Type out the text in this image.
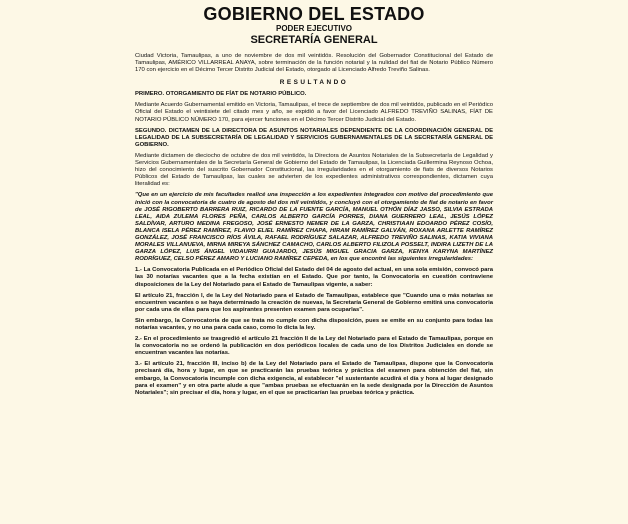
GOBIERNO DEL ESTADO
PODER EJECUTIVO
SECRETARÍA GENERAL

Ciudad Victoria, Tamaulipas, a uno de noviembre de dos mil veintidós. Resolución del Gobernador Constitucional del Estado de Tamaulipas, AMÉRICO VILLARREAL ANAYA, sobre terminación de la función notarial y la nulidad del fiat de Notario Público Número 170 con ejercicio en el Décimo Tercer Distrito Judicial del Estado, otorgado al Licenciado Alfredo Treviño Salinas.

RESULTANDO

PRIMERO. OTORGAMIENTO DE FÍAT DE NOTARIO PÚBLICO.

Mediante Acuerdo Gubernamental emitido en Victoria, Tamaulipas, el trece de septiembre de dos mil veintidós, publicado en el Periódico Oficial del Estado el veintisiete del citado mes y año, se expidió a favor del Licenciado ALFREDO TREVIÑO SALINAS, FÍAT DE NOTARIO PÚBLICO NÚMERO 170, para ejercer funciones en el Décimo Tercer Distrito Judicial del Estado.

SEGUNDO. DICTAMEN DE LA DIRECTORA DE ASUNTOS NOTARIALES DEPENDIENTE DE LA COORDINACIÓN GENERAL DE LEGALIDAD DE LA SUBSECRETARÍA DE LEGALIDAD Y SERVICIOS GUBERNAMENTALES DE LA SECRETARÍA GENERAL DE GOBIERNO.

Mediante dictamen de dieciocho de octubre de dos mil veintidós, la Directora de Asuntos Notariales de la Subsecretaría de Legalidad y Servicios Gubernamentales de la Secretaría General de Gobierno del Estado de Tamaulipas, la Licenciada Guillermina Reynoso Ochoa, hizo del conocimiento del suscrito Gobernador Constitucional, las irregularidades en el otorgamiento de fiats de diversos Notarios Públicos del Estado de Tamaulipas, las cuales se advierten de los expedientes administrativos correspondientes, dictamen cuya literalidad es:

"Que en un ejercicio de mis facultades realicé una inspección a los expedientes integrados con motivo del procedimiento que inició con la convocatoria de cuatro de agosto del dos mil veintidós, y concluyó con el otorgamiento de fiat de notario en favor de JOSÉ RIGOBERTO BARRERA RUIZ, RICARDO DE LA FUENTE GARCÍA, MANUEL OTHÓN DÍAZ JASSO, SILVIA ESTRADA LEAL, AIDA ZULEMA FLORES PEÑA, CARLOS ALBERTO GARCÍA PORRES, DIANA GUERRERO LEAL, JESÚS LÓPEZ SALDÍVAR, ARTURO MEDINA FREGOSO, JOSÉ ERNESTO NEMER DE LA GARZA, CHRISTIAAN EDOARDO PÉREZ COSÍO, BLANCA ISELA PÉREZ RAMÍREZ, FLAVIO ELIEL RAMÍREZ CHAPA, HIRAM RAMÍREZ GALVÁN, ROXANA ARLETTE RAMÍREZ GONZÁLEZ, JOSÉ FRANCISCO RÍOS ÁVILA, RAFAEL RODRÍGUEZ SALAZAR, ALFREDO TREVIÑO SALINAS, KATIA VIVIANA MORALES VILLANUEVA, MIRNA MIREYA SÁNCHEZ CAMACHO, CARLOS ALBERTO FILIZOLA POSSELT, INDIRA LIZETH DE LA GARZA LÓPEZ, LUIS ÁNGEL VIDAURRI GUAJARDO, JESÚS MIGUEL GRACIA GARZA, KENYA KARYNA MARTÍNEZ RODRÍGUEZ, CELSO PÉREZ AMARO Y LUCIANO RAMÍREZ CEPEDA, en los que encontré las siguientes irregularidades:

1.- La Convocatoria Publicada en el Periódico Oficial del Estado del 04 de agosto del actual, en una sola emisión, convocó para las 30 notarías vacantes que a la fecha existían en el Estado. Que por tanto, la Convocatoria en cuestión contraviene disposiciones de la Ley del Notariado para el Estado de Tamaulipas vigente, a saber:

El artículo 21, fracción I, de la Ley del Notariado para el Estado de Tamaulipas, establece que "Cuando una o más notarías se encuentren vacantes o se haya determinado la creación de nuevas, la Secretaría General de Gobierno emitirá una convocatoria por cada una de ellas para que los aspirantes presenten examen para ocuparlas".

Sin embargo, la Convocatoria de que se trata no cumple con dicha disposición, pues se emite en su conjunto para todas las notarías vacantes, y no una para cada caso, como lo dicta la ley.

2.- En el procedimiento se trasgredió el artículo 21 fracción II de la Ley del Notariado para el Estado de Tamaulipas, porque en la convocatoria no se ordenó la publicación en dos periódicos locales de cada uno de los Distritos Judiciales en donde se encuentran vacantes las notarías.

3.- El artículo 21, fracción III, inciso b) de la Ley del Notariado para el Estado de Tamaulipas, dispone que la Convocatoria precisará día, hora y lugar, en que se practicarán las pruebas teórica y práctica del examen para obtención del fiat, sin embargo, la Convocatoria incumple con dicha exigencia, al establecer "el sustentante acudirá el día y hora al lugar designado para el examen" y en otra parte alude a que "ambas pruebas se efectuarán en la sede designada por la Dirección de Asuntos Notariales"; sin precisar el día, hora y lugar, en el que se practicarían las pruebas teórica y práctica.
